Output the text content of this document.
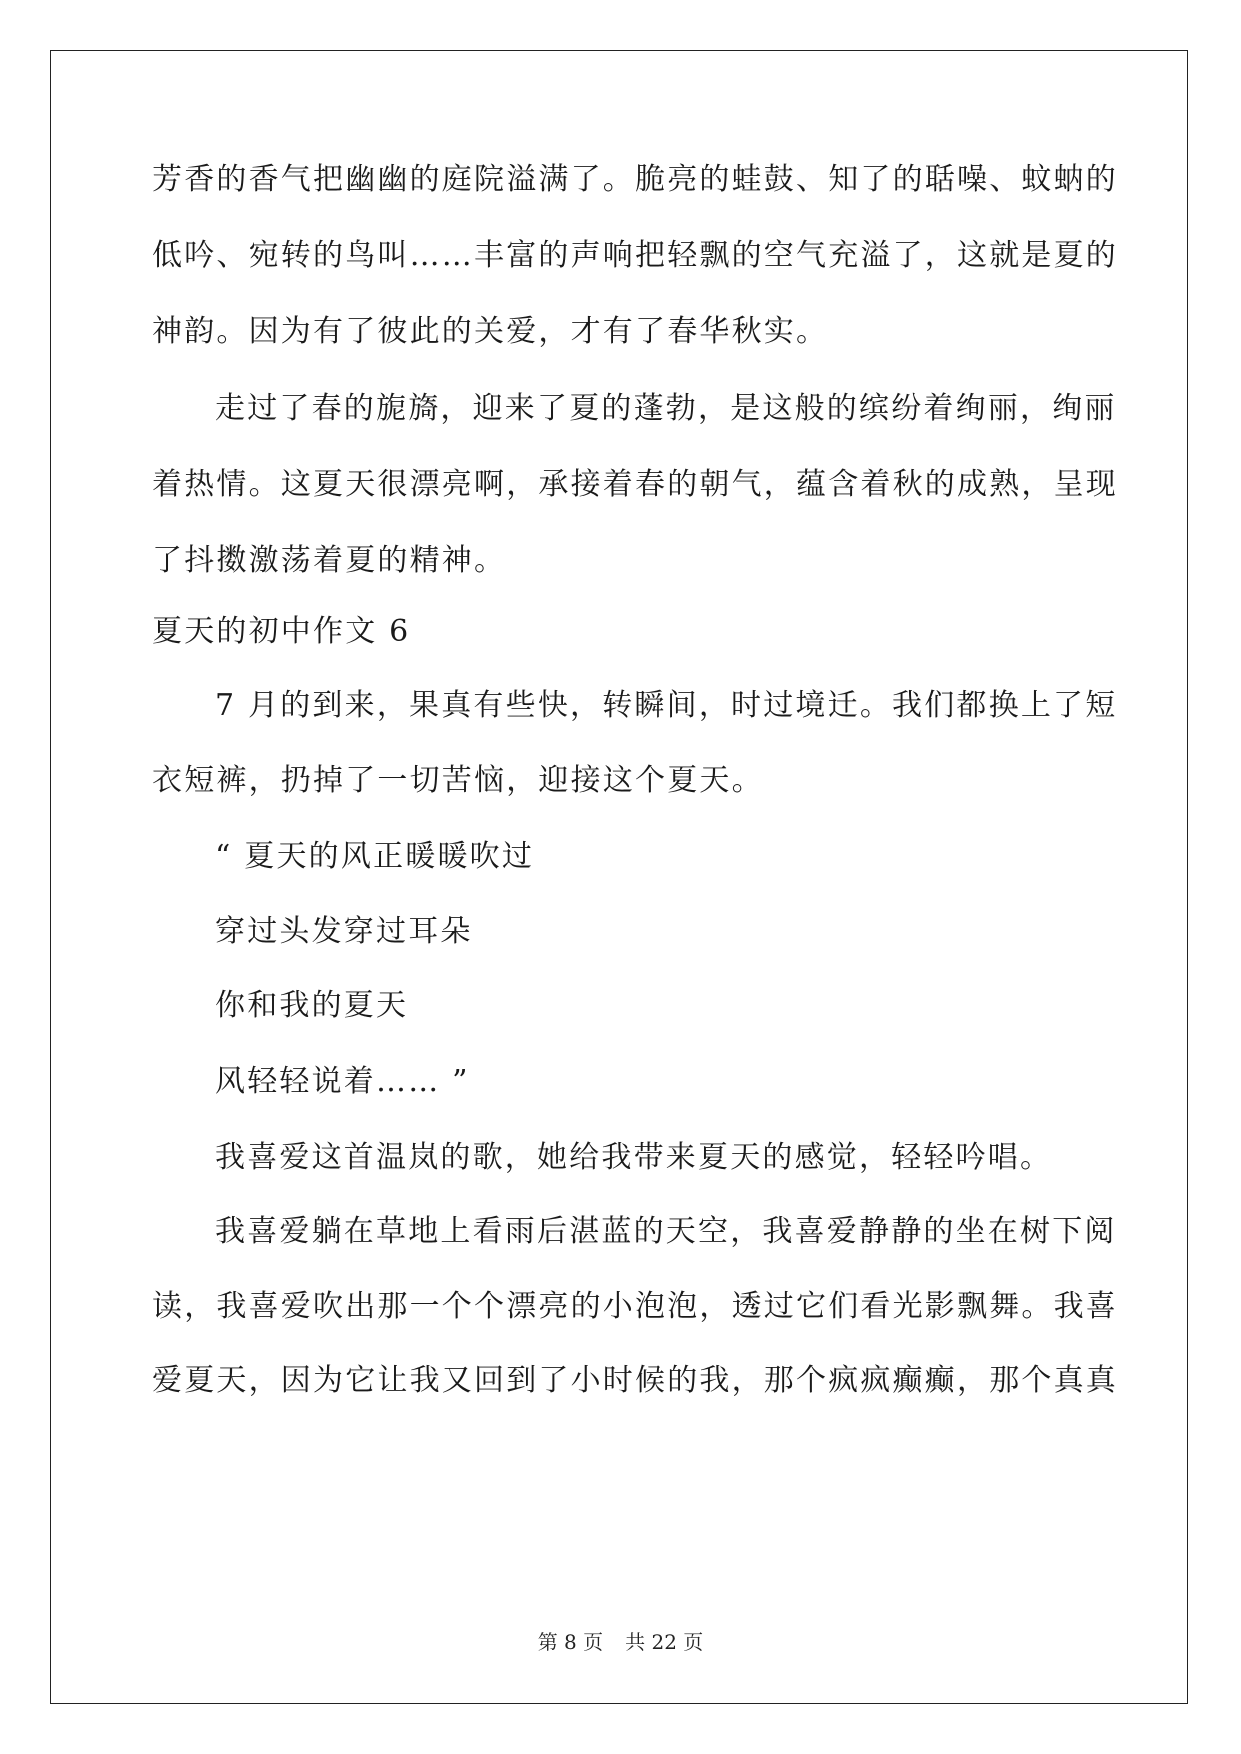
芳香的香气把幽幽的庭院溢满了。脆亮的蛙鼓、知了的聒噪、蚊蚋的
低吟、宛转的鸟叫……丰富的声响把轻飘的空气充溢了，这就是夏的
神韵。因为有了彼此的关爱，才有了春华秋实。
走过了春的旎旖，迎来了夏的蓬勃，是这般的缤纷着绚丽，绚丽
着热情。这夏天很漂亮啊，承接着春的朝气，蕴含着秋的成熟，呈现
了抖擞激荡着夏的精神。
夏天的初中作文 6
7 月的到来，果真有些快，转瞬间，时过境迁。我们都换上了短
衣短裤，扔掉了一切苦恼，迎接这个夏天。
“ 夏天的风正暖暖吹过
穿过头发穿过耳朵
你和我的夏天
风轻轻说着…… ”
我喜爱这首温岚的歌，她给我带来夏天的感觉，轻轻吟唱。
我喜爱躺在草地上看雨后湛蓝的天空，我喜爱静静的坐在树下阅
读，我喜爱吹出那一个个漂亮的小泡泡，透过它们看光影飘舞。我喜
爱夏天，因为它让我又回到了小时候的我，那个疯疯癫癫，那个真真
第 8 页 共 22 页
